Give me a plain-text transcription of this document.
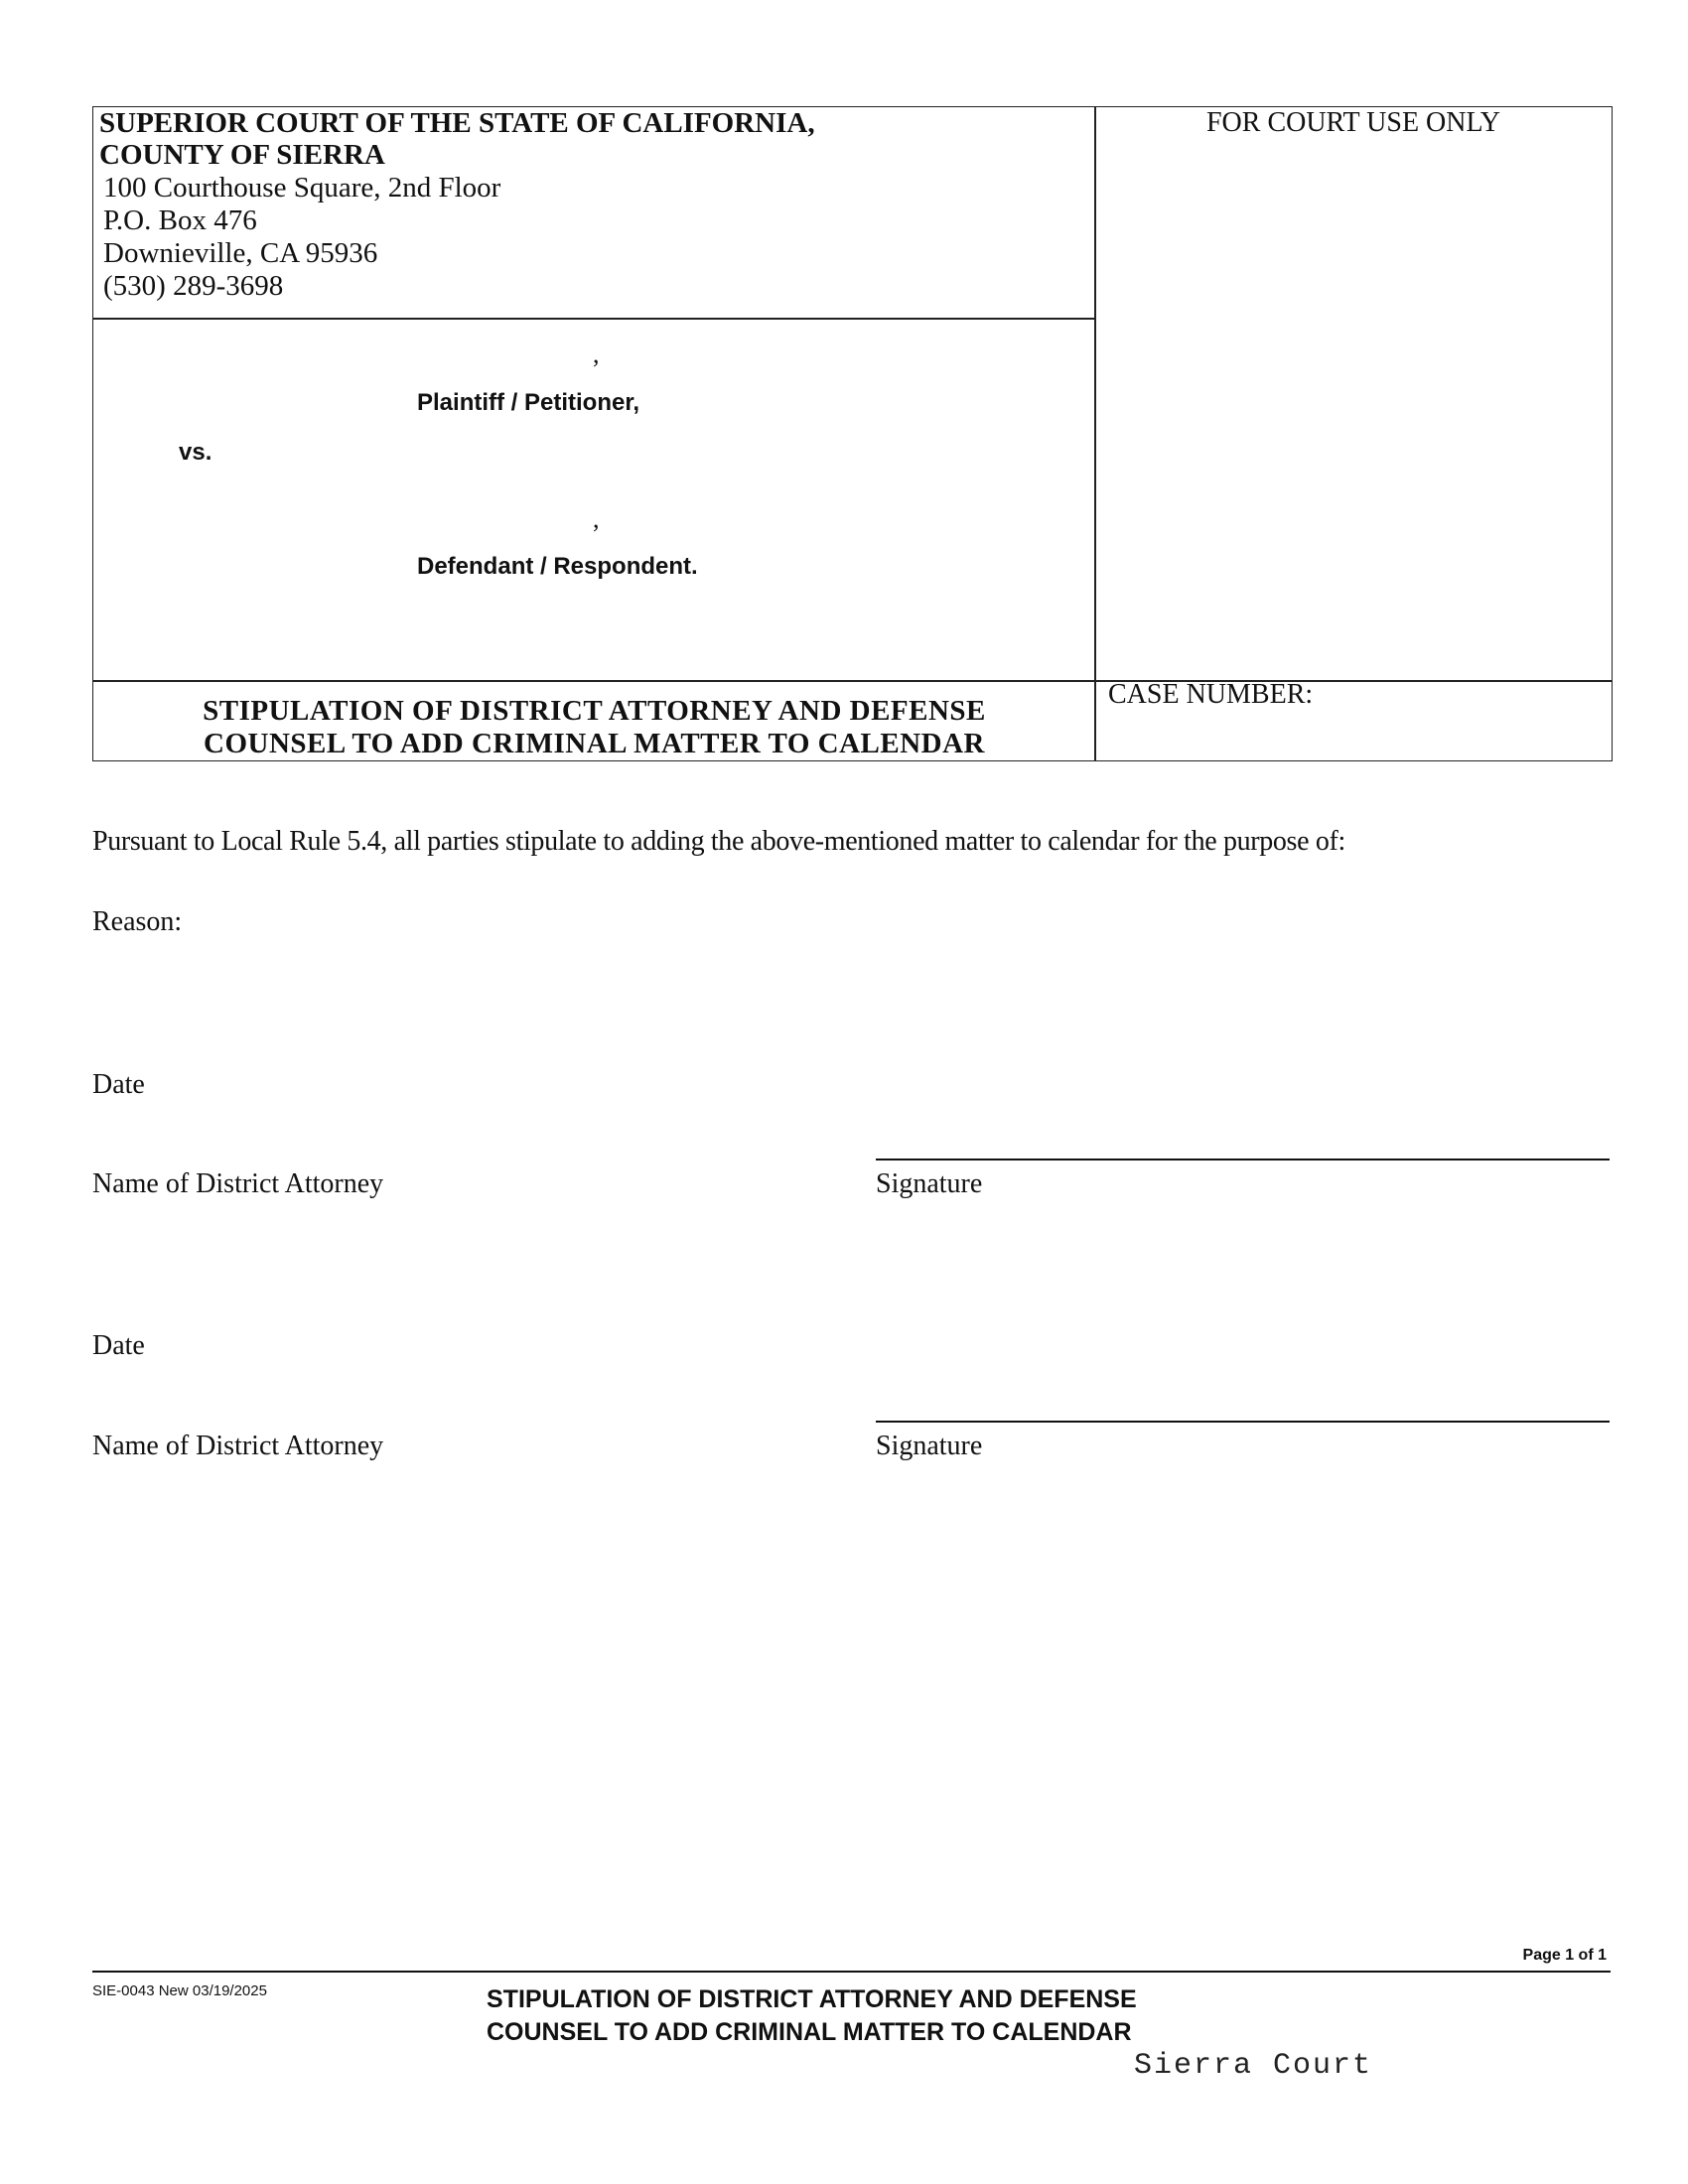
SUPERIOR COURT OF THE STATE OF CALIFORNIA,
COUNTY OF SIERRA
100 Courthouse Square, 2nd Floor
P.O. Box 476
Downieville, CA 95936
(530) 289-3698
FOR COURT USE ONLY
,
Plaintiff / Petitioner,
vs.
,
Defendant / Respondent.
STIPULATION OF DISTRICT ATTORNEY AND DEFENSE
COUNSEL TO ADD CRIMINAL MATTER TO CALENDAR
CASE NUMBER:
Pursuant to Local Rule 5.4, all parties stipulate to adding the above-mentioned matter to calendar for the purpose of:
Reason:
Date
Name of District Attorney	Signature
Date
Name of District Attorney	Signature
Page 1 of 1
SIE-0043 New 03/19/2025	STIPULATION OF DISTRICT ATTORNEY AND DEFENSE
COUNSEL TO ADD CRIMINAL MATTER TO CALENDAR
Sierra Court
